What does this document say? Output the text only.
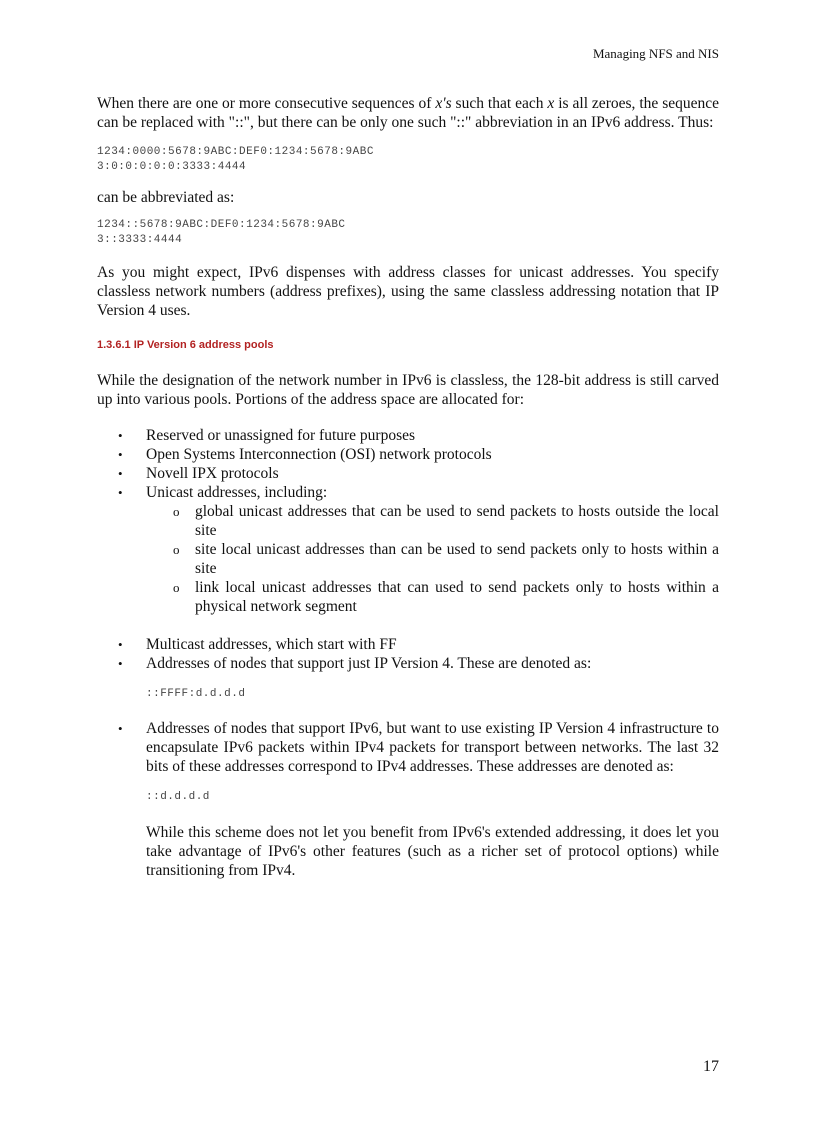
Managing NFS and NIS

When there are one or more consecutive sequences of x's such that each x is all zeroes, the sequence can be replaced with "::", but there can be only one such "::" abbreviation in an IPv6 address. Thus:

1234:0000:5678:9ABC:DEF0:1234:5678:9ABC
3:0:0:0:0:0:3333:4444

can be abbreviated as:

1234::5678:9ABC:DEF0:1234:5678:9ABC
3::3333:4444

As you might expect, IPv6 dispenses with address classes for unicast addresses. You specify classless network numbers (address prefixes), using the same classless addressing notation that IP Version 4 uses.

1.3.6.1 IP Version 6 address pools

While the designation of the network number in IPv6 is classless, the 128-bit address is still carved up into various pools. Portions of the address space are allocated for:

• Reserved or unassigned for future purposes
• Open Systems Interconnection (OSI) network protocols
• Novell IPX protocols
• Unicast addresses, including:
o global unicast addresses that can be used to send packets to hosts outside the local site
o site local unicast addresses than can be used to send packets only to hosts within a site
o link local unicast addresses that can used to send packets only to hosts within a physical network segment
• Multicast addresses, which start with FF
• Addresses of nodes that support just IP Version 4. These are denoted as:
::FFFF:d.d.d.d
• Addresses of nodes that support IPv6, but want to use existing IP Version 4 infrastructure to encapsulate IPv6 packets within IPv4 packets for transport between networks. The last 32 bits of these addresses correspond to IPv4 addresses. These addresses are denoted as:
::d.d.d.d

While this scheme does not let you benefit from IPv6's extended addressing, it does let you take advantage of IPv6's other features (such as a richer set of protocol options) while transitioning from IPv4.

17
